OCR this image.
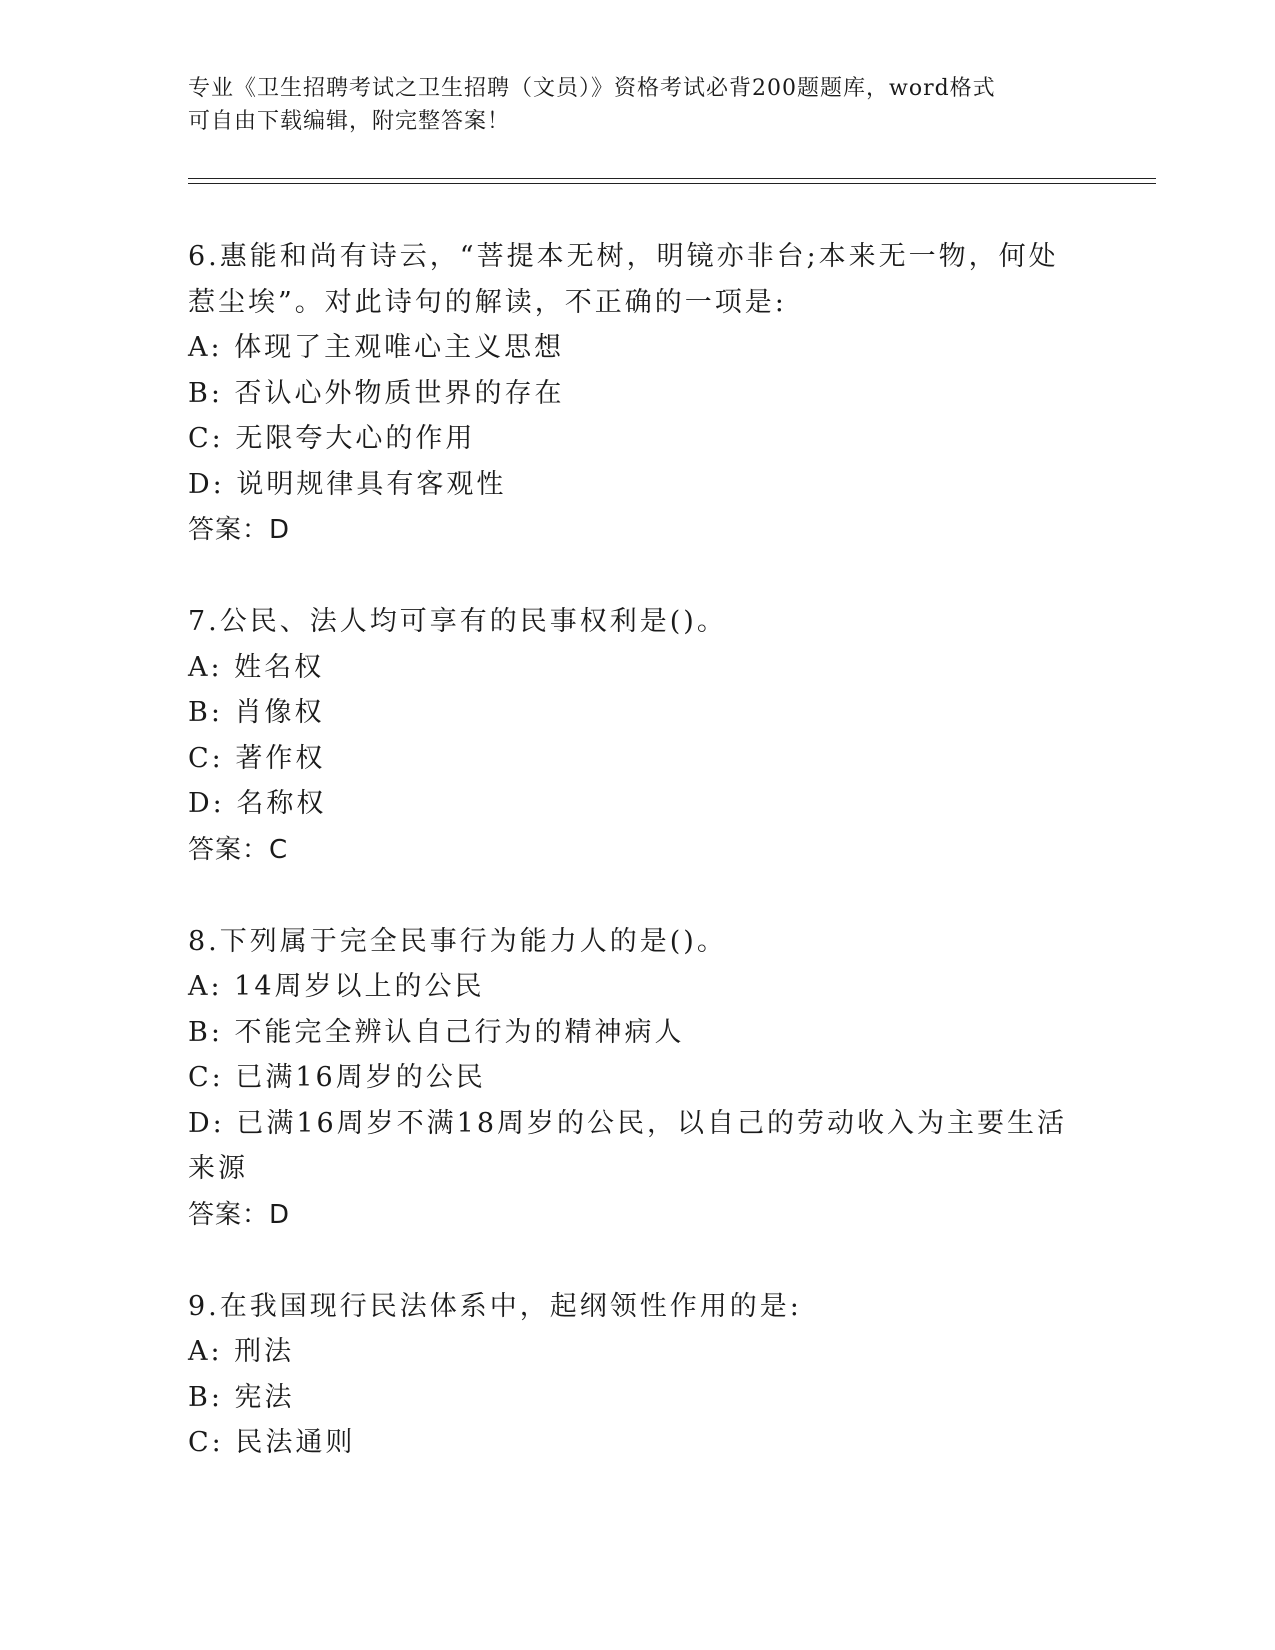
专业《卫生招聘考试之卫生招聘（文员）》资格考试必背200题题库，word格式
可自由下载编辑，附完整答案！
6.惠能和尚有诗云，“菩提本无树，明镜亦非台;本来无一物，何处惹尘埃”。对此诗句的解读，不正确的一项是:
A: 体现了主观唯心主义思想
B: 否认心外物质世界的存在
C: 无限夸大心的作用
D: 说明规律具有客观性
答案：D
7.公民、法人均可享有的民事权利是()。
A: 姓名权
B: 肖像权
C: 著作权
D: 名称权
答案：C
8.下列属于完全民事行为能力人的是()。
A: 14周岁以上的公民
B: 不能完全辨认自己行为的精神病人
C: 已满16周岁的公民
D: 已满16周岁不满18周岁的公民，以自己的劳动收入为主要生活来源
答案：D
9.在我国现行民法体系中，起纲领性作用的是:
A: 刑法
B: 宪法
C: 民法通则
